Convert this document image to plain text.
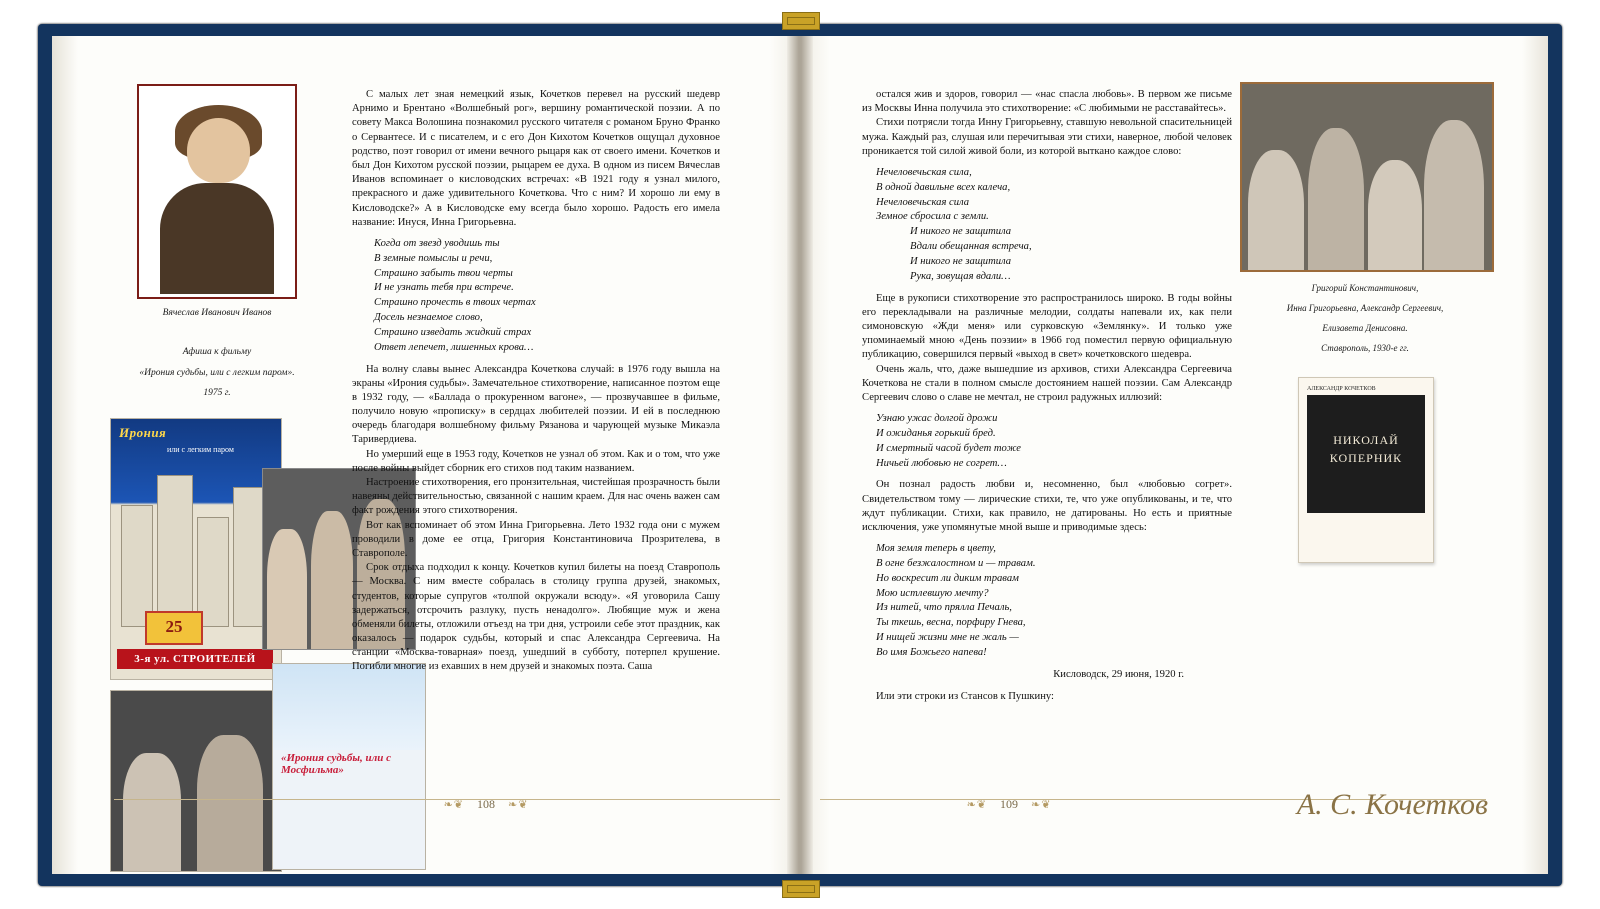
Вячеслав Иванович Иванов
Афиша к фильму
«Ирония судьбы, или с легким паром».
1975 г.
Ирония
или с легким паром
25
3-я ул. СТРОИТЕЛЕЙ
«Ирония судьбы, или с Мосфильма»

С малых лет зная немецкий язык, Кочетков перевел на русский шедевр Арнимо и Брентано «Волшебный рог», вершину романтической поэзии. А по совету Макса Волошина познакомил русского читателя с романом Бруно Франко о Сервантесе. И с писателем, и с его Дон Кихотом Кочетков ощущал духовное родство, поэт говорил от имени вечного рыцаря как от своего имени. Кочетков и был Дон Кихотом русской поэзии, рыцарем ее духа. В одном из писем Вячеслав Иванов вспоминает о кисловодских встречах: «В 1921 году я узнал милого, прекрасного и даже удивительного Кочеткова. Что с ним? И хорошо ли ему в Кисловодске?» А в Кисловодске ему всегда было хорошо. Радость его имела название: Инуся, Инна Григорьевна.

Когда от звезд уводишь ты
В земные помыслы и речи,
Страшно забыть твои черты
И не узнать тебя при встрече.
Страшно прочесть в твоих чертах
Досель незнаемое слово,
Страшно изведать жидкий страх
Ответ лепечет, лишенных крова…

На волну славы вынес Александра Кочеткова случай: в 1976 году вышла на экраны «Ирония судьбы». Замечательное стихотворение, написанное поэтом еще в 1932 году, — «Баллада о прокуренном вагоне», — прозвучавшее в фильме, получило новую «прописку» в сердцах любителей поэзии. И ей в последнюю очередь благодаря волшебному фильму Рязанова и чарующей музыке Микаэла Таривердиева.

Но умерший еще в 1953 году, Кочетков не узнал об этом. Как и о том, что уже после войны выйдет сборник его стихов под таким названием.

Настроение стихотворения, его пронзительная, чистейшая прозрачность были навеяны действительностью, связанной с нашим краем. Для нас очень важен сам факт рождения этого стихотворения.

Вот как вспоминает об этом Инна Григорьевна. Лето 1932 года они с мужем проводили в доме ее отца, Григория Константиновича Прозрителева, в Ставрополе.

Срок отдыха подходил к концу. Кочетков купил билеты на поезд Ставрополь — Москва. С ним вместе собралась в столицу группа друзей, знакомых, студентов, которые супругов «толпой окружали всюду». «Я уговорила Сашу задержаться, отсрочить разлуку, пусть ненадолго». Любящие муж и жена обменяли билеты, отложили отъезд на три дня, устроили себе этот праздник, как оказалось — подарок судьбы, который и спас Александра Сергеевича. На станции «Москва-товарная» поезд, ушедший в субботу, потерпел крушение. Погибли многие из ехавших в нем друзей и знакомых поэта. Саша

❧❦ 108 ❧❦

остался жив и здоров, говорил — «нас спасла любовь». В первом же письме из Москвы Инна получила это стихотворение: «С любимыми не расставайтесь».

Стихи потрясли тогда Инну Григорьевну, ставшую невольной спасительницей мужа. Каждый раз, слушая или перечитывая эти стихи, наверное, любой человек проникается той силой живой боли, из которой выткано каждое слово:

Нечеловечьская сила,
В одной давильне всех калеча,
Нечеловечьская сила
Земное сбросила с земли.
И никого не защитила
Вдали обещанная встреча,
И никого не защитила
Рука, зовущая вдали…

Еще в рукописи стихотворение это распространилось широко. В годы войны его перекладывали на различные мелодии, солдаты напевали их, как пели симоновскую «Жди меня» или сурковскую «Землянку». И только уже упоминаемый мною «День поэзии» в 1966 год поместил первую официальную публикацию, совершился первый «выход в свет» кочетковского шедевра.

Очень жаль, что, даже вышедшие из архивов, стихи Александра Сергеевича Кочеткова не стали в полном смысле достоянием нашей поэзии. Сам Александр Сергеевич слово о славе не мечтал, не строил радужных иллюзий:

Узнаю ужас долгой дрожи
И ожиданья горький бред.
И смертный часой будет тоже
Ничьей любовью не согрет…

Он познал радость любви и, несомненно, был «любовью согрет». Свидетельством тому — лирические стихи, те, что уже опубликованы, и те, что ждут публикации. Стихи, как правило, не датированы. Но есть и приятные исключения, уже упомянутые мной выше и приводимые здесь:

Моя земля теперь в цвету,
В огне безжалостном и — травам.
Но воскресит ли диким травам
Мою истлевшую мечту?
Из нитей, что прялла Печаль,
Ты ткешь, весна, порфиру Гнева,
И нищей жизни мне не жаль —
Во имя Божьего напева!
Кисловодск, 29 июня, 1920 г.

Или эти строки из Стансов к Пушкину:

Григорий Константинович,
Инна Григорьевна, Александр Сергеевич,
Елизавета Денисовна.
Ставрополь, 1930-е гг.
АЛЕКСАНДР КОЧЕТКОВ
НИКОЛАЙ
КОПЕРНИК
❧❦ 109 ❧❦	А. С. Кочетков
